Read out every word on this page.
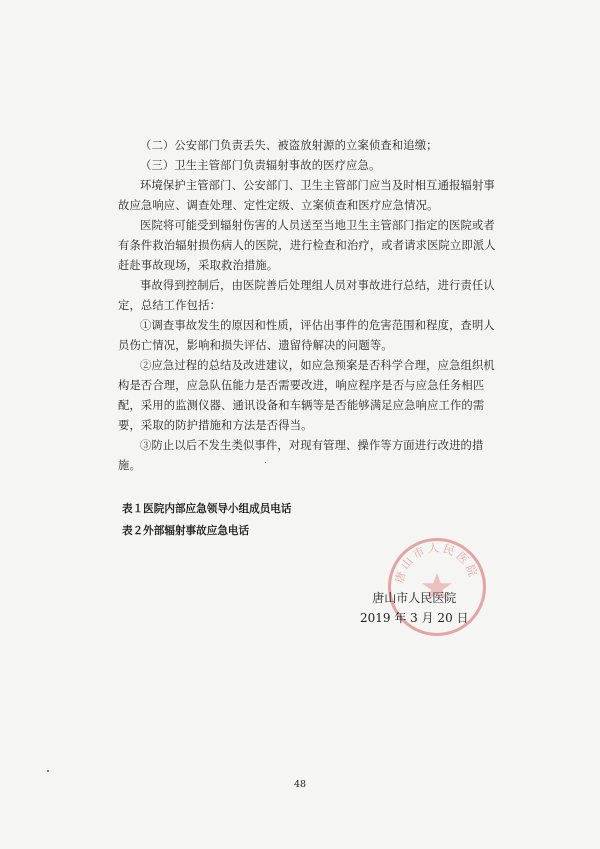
（二）公安部门负责丢失、被盗放射源的立案侦查和追缴；

（三）卫生主管部门负责辐射事故的医疗应急。

环境保护主管部门、公安部门、卫生主管部门应当及时相互通报辐射事故应急响应、调查处理、定性定级、立案侦查和医疗应急情况。

医院将可能受到辐射伤害的人员送至当地卫生主管部门指定的医院或者有条件救治辐射损伤病人的医院，进行检查和治疗，或者请求医院立即派人赶赴事故现场，采取救治措施。

事故得到控制后，由医院善后处理组人员对事故进行总结，进行责任认定，总结工作包括：

①调查事故发生的原因和性质，评估出事件的危害范围和程度，查明人员伤亡情况，影响和损失评估、遗留待解决的问题等。

②应急过程的总结及改进建议，如应急预案是否科学合理，应急组织机构是否合理，应急队伍能力是否需要改进，响应程序是否与应急任务相匹配，采用的监测仪器、通讯设备和车辆等是否能够满足应急响应工作的需要，采取的防护措施和方法是否得当。

③防止以后不发生类似事件，对现有管理、操作等方面进行改进的措施。

表１医院内部应急领导小组成员电话
表２外部辐射事故应急电话
唐山市人民医院
唐山市人民医院
2019 年 3 月 20 日
48
